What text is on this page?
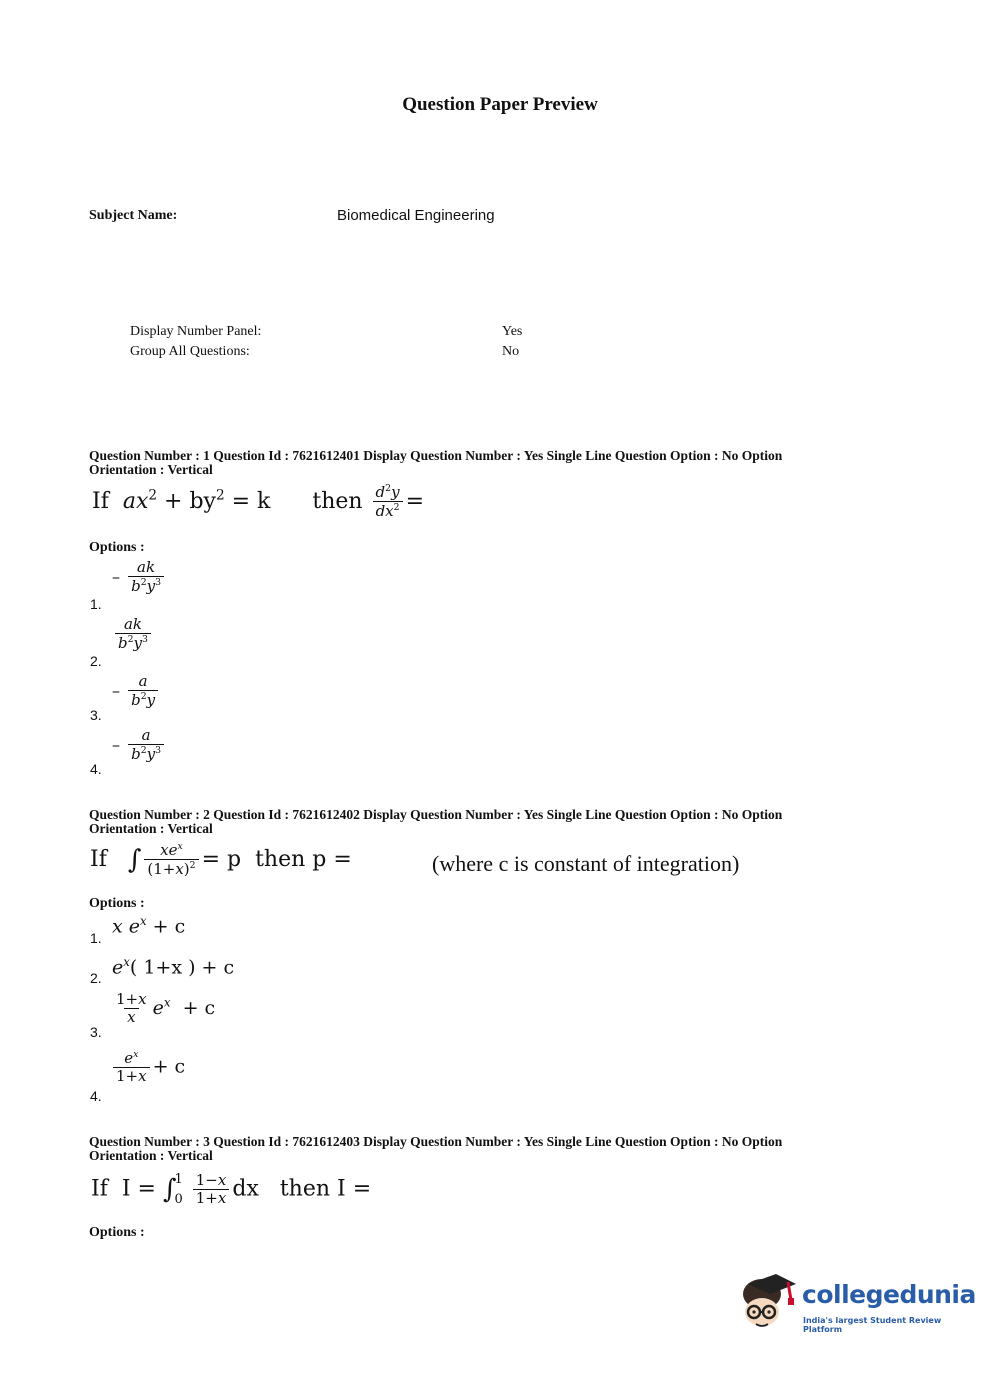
Question Paper Preview
Subject Name:	Biomedical Engineering
Display Number Panel:	Yes
Group All Questions:	No
Question Number : 1 Question Id : 7621612401 Display Question Number : Yes Single Line Question Option : No Option
Orientation : Vertical
If  $ax^2 + by^2 = k$      then $\frac{d^2y}{dx^2}$ =
Options :
1.
– $\frac{ak}{b^2y^3}$
2.
$\frac{ak}{b^2y^3}$
3.
– $\frac{a}{b^2y}$
4.
– $\frac{a}{b^2y^3}$
Question Number : 2 Question Id : 7621612402 Display Question Number : Yes Single Line Question Option : No Option
Orientation : Vertical
If   ∫ $\frac{xe^x}{(1+x)^2} = p$  then p =	(where c is constant of integration)
Options :
1.
x $e^x + c$
2. $e^x$( 1+x ) + c
3.
$\frac{1+x}{x} e^x + c$
4.
$\frac{e^x}{1+x} + c$
Question Number : 3 Question Id : 7621612403 Display Question Number : Yes Single Line Question Option : No Option
Orientation : Vertical
If  I = ∫
1
0
$\frac{1-x}{1+x}$ dx   then I =
Options :
collegedunia
India's largest Student Review Platform
